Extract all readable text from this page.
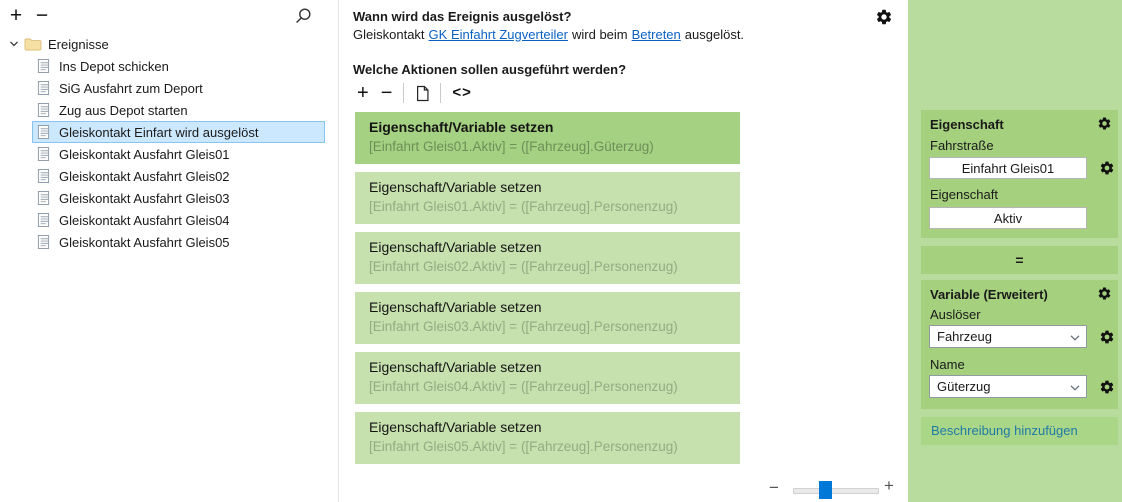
+ −
Ereignisse
Ins Depot schicken
SiG Ausfahrt zum Deport
Zug aus Depot starten
Gleiskontakt Einfart wird ausgelöst
Gleiskontakt Ausfahrt Gleis01
Gleiskontakt Ausfahrt Gleis02
Gleiskontakt Ausfahrt Gleis03
Gleiskontakt Ausfahrt Gleis04
Gleiskontakt Ausfahrt Gleis05
Wann wird das Ereignis ausgelöst?
Gleiskontakt GK Einfahrt Zugverteiler wird beim Betreten ausgelöst.
Welche Aktionen sollen ausgeführt werden?
+ −	<>
Eigenschaft/Variable setzen
[Einfahrt Gleis01.Aktiv] = ([Fahrzeug].Güterzug)
Eigenschaft/Variable setzen
[Einfahrt Gleis01.Aktiv] = ([Fahrzeug].Personenzug)
Eigenschaft/Variable setzen
[Einfahrt Gleis02.Aktiv] = ([Fahrzeug].Personenzug)
Eigenschaft/Variable setzen
[Einfahrt Gleis03.Aktiv] = ([Fahrzeug].Personenzug)
Eigenschaft/Variable setzen
[Einfahrt Gleis04.Aktiv] = ([Fahrzeug].Personenzug)
Eigenschaft/Variable setzen
[Einfahrt Gleis05.Aktiv] = ([Fahrzeug].Personenzug)
−	+
Eigenschaft
Fahrstraße
Einfahrt Gleis01
Eigenschaft
Aktiv
=
Variable (Erweitert)
Auslöser
Fahrzeug
Name
Güterzug
Beschreibung hinzufügen
